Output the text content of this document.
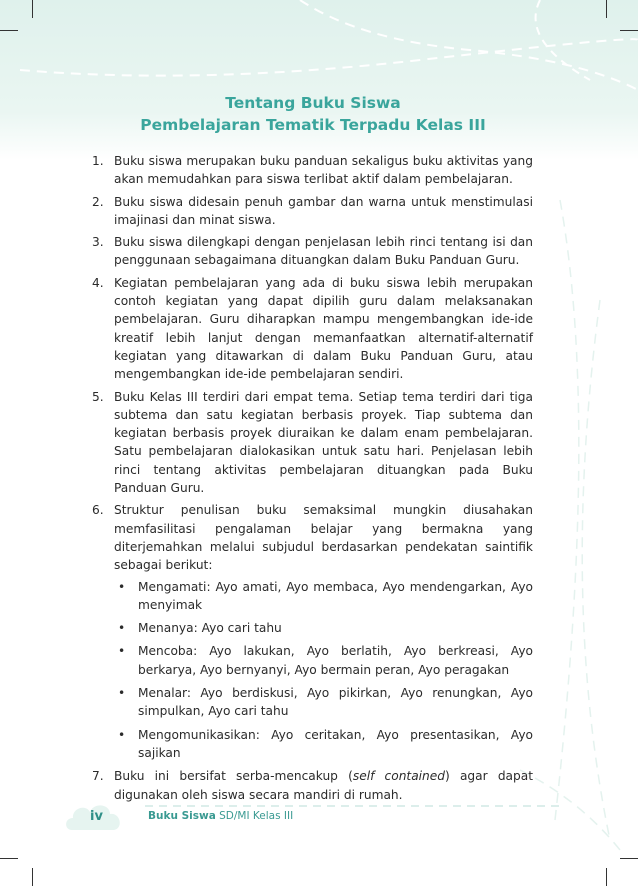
Tentang Buku Siswa
Pembelajaran Tematik Terpadu Kelas III
1. Buku siswa merupakan buku panduan sekaligus buku aktivitas yang akan memudahkan para siswa terlibat aktif dalam pembelajaran.
2. Buku siswa didesain penuh gambar dan warna untuk menstimulasi imajinasi dan minat siswa.
3. Buku siswa dilengkapi dengan penjelasan lebih rinci tentang isi dan penggunaan sebagaimana dituangkan dalam Buku Panduan Guru.
4. Kegiatan pembelajaran yang ada di buku siswa lebih merupakan contoh kegiatan yang dapat dipilih guru dalam melaksanakan pembelajaran. Guru diharapkan mampu mengembangkan ide-ide kreatif lebih lanjut dengan memanfaatkan alternatif-alternatif kegiatan yang ditawarkan di dalam Buku Panduan Guru, atau mengembangkan ide-ide pembelajaran sendiri.
5. Buku Kelas III terdiri dari empat tema. Setiap tema terdiri dari tiga subtema dan satu kegiatan berbasis proyek. Tiap subtema dan kegiatan berbasis proyek diuraikan ke dalam enam pembelajaran. Satu pembelajaran dialokasikan untuk satu hari. Penjelasan lebih rinci tentang aktivitas pembelajaran dituangkan pada Buku Panduan Guru.
6. Struktur penulisan buku semaksimal mungkin diusahakan memfasilitasi pengalaman belajar yang bermakna yang diterjemahkan melalui subjudul berdasarkan pendekatan saintifik sebagai berikut:
• Mengamati: Ayo amati, Ayo membaca, Ayo mendengarkan, Ayo menyimak
• Menanya: Ayo cari tahu
• Mencoba: Ayo lakukan, Ayo berlatih, Ayo berkreasi, Ayo berkarya, Ayo bernyanyi, Ayo bermain peran, Ayo peragakan
• Menalar: Ayo berdiskusi, Ayo pikirkan, Ayo renungkan, Ayo simpulkan, Ayo cari tahu
• Mengomunikasikan: Ayo ceritakan, Ayo presentasikan, Ayo sajikan
7. Buku ini bersifat serba-mencakup (self contained) agar dapat digunakan oleh siswa secara mandiri di rumah.
iv	Buku Siswa SD/MI Kelas III
